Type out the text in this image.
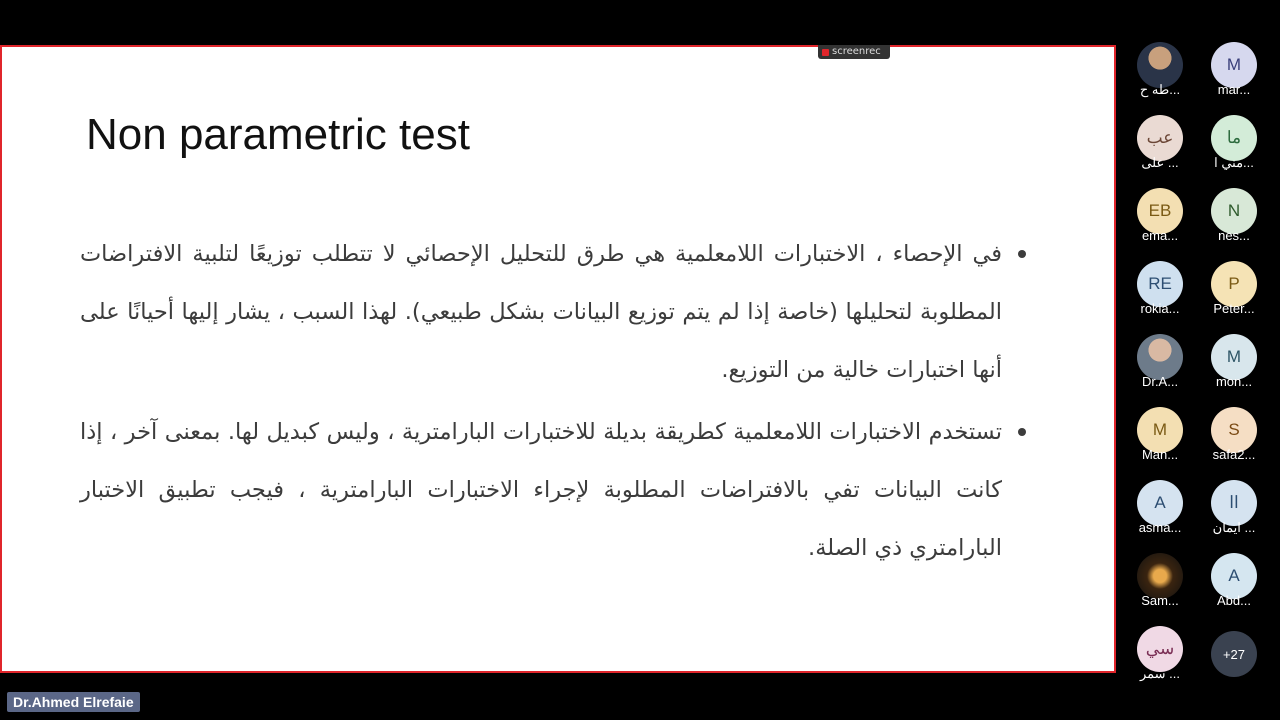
screenrec
Non parametric test
في الإحصاء ، الاختبارات اللامعلمية هي طرق للتحليل الإحصائي لا تتطلب توزيعًا لتلبية الافتراضات المطلوبة لتحليلها (خاصة إذا لم يتم توزيع البيانات بشكل طبيعي). لهذا السبب ، يشار إليها أحيانًا على أنها اختبارات خالية من التوزيع.
تستخدم الاختبارات اللامعلمية كطريقة بديلة للاختبارات البارامترية ، وليس كبديل لها. بمعنى آخر ، إذا كانت البيانات تفي بالافتراضات المطلوبة لإجراء الاختبارات البارامترية ، فيجب تطبيق الاختبار البارامتري ذي الصلة.
طه ح...
M
mar...
عب
على ...
ما
مني ا...
EB
ema...
N
nes...
RE
rokia...
P
Peter...
Dr.A...
M
mon...
M
Man...
S
safa2...
A
asma...
اا
ايمان ...
Sam...
A
Abd...
سي
سمر ...
+27
Dr.Ahmed Elrefaie
